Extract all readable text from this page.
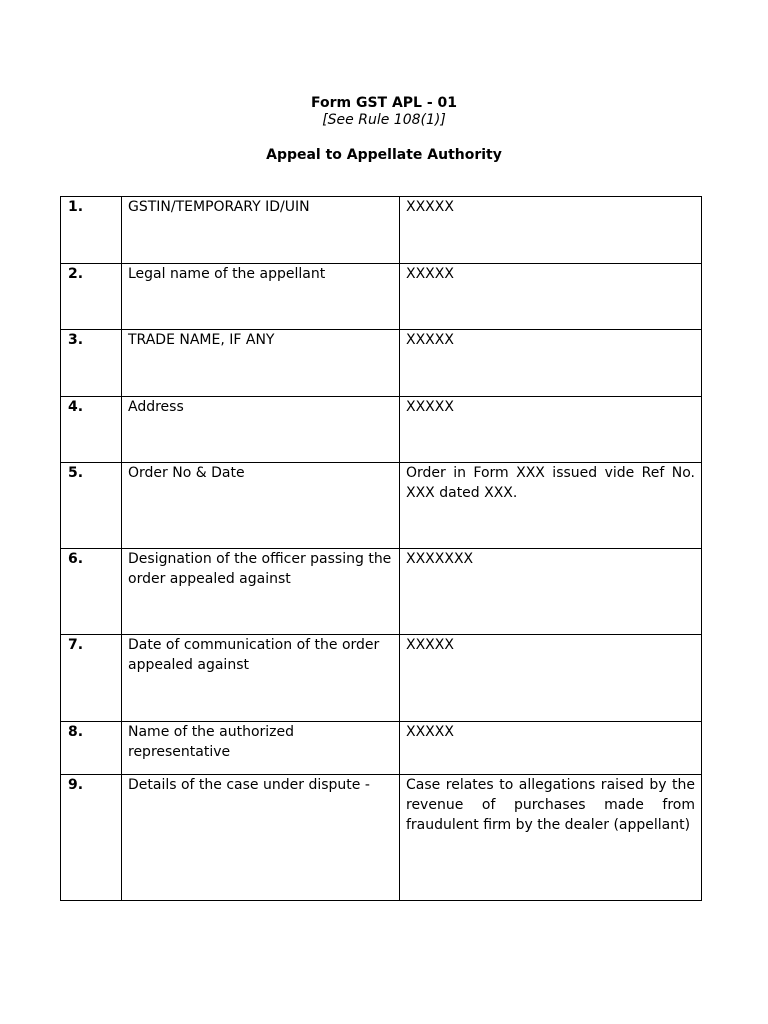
Form GST APL - 01
[See Rule 108(1)]
Appeal to Appellate Authority
1.	GSTIN/TEMPORARY ID/UIN	XXXXX
2.	Legal name of the appellant	XXXXX
3.	TRADE NAME, IF ANY	XXXXX
4.	Address	XXXXX
5.	Order No & Date	Order in Form XXX issued vide Ref No. XXX dated XXX.
6.	Designation of the officer passing the order appealed against	XXXXXXX
7.	Date of communication of the order appealed against	XXXXX
8.	Name of the authorized representative	XXXXX
9.	Details of the case under dispute -	Case relates to allegations raised by the revenue of purchases made from fraudulent firm by the dealer (appellant)
